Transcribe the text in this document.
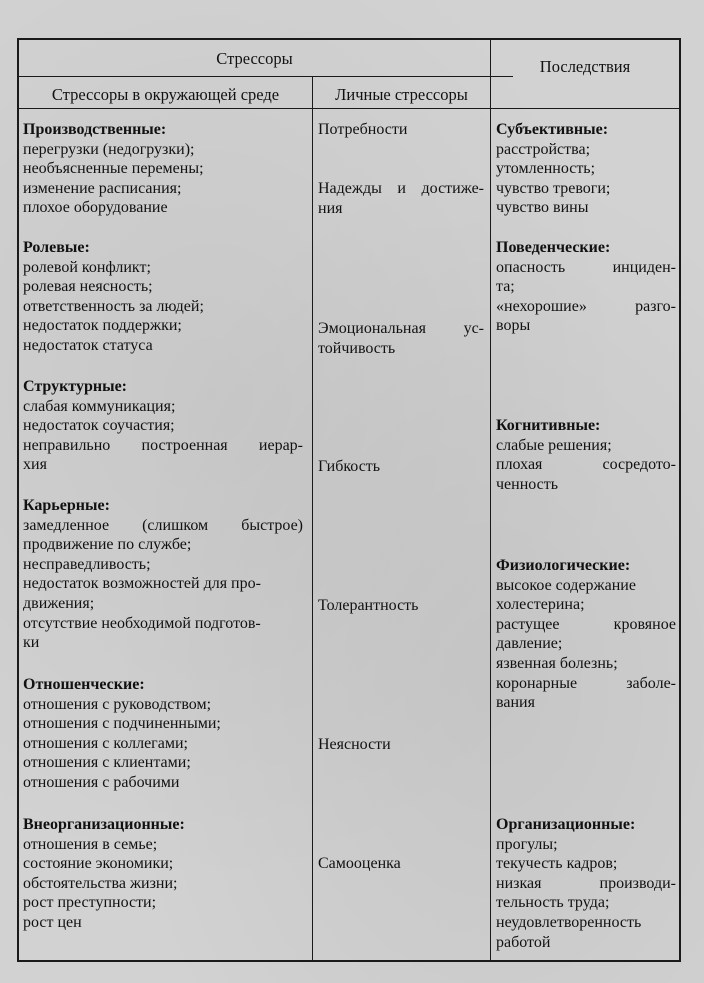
Стрессоры	Последствия
Стрессоры в окружающей среде	Личные стрессоры
Производственные:
перегрузки (недогрузки);
необъясненные перемены;
изменение расписания;
плохое оборудование
Ролевые:
ролевой конфликт;
ролевая неясность;
ответственность за людей;
недостаток поддержки;
недостаток статуса
Структурные:
слабая коммуникация;
недостаток соучастия;
неправильно построенная иерар-
хия
Карьерные:
замедленное (слишком быстрое)
продвижение по службе;
несправедливость;
недостаток возможностей для про-
движения;
отсутствие необходимой подготов-
ки
Отношенческие:
отношения с руководством;
отношения с подчиненными;
отношения с коллегами;
отношения с клиентами;
отношения с рабочими
Внеорганизационные:
отношения в семье;
состояние экономики;
обстоятельства жизни;
рост преступности;
рост цен
Потребности
Надежды и достиже-
ния
Эмоциональная ус-
тойчивость
Гибкость
Толерантность
Неясности
Самооценка
Субъективные:
расстройства;
утомленность;
чувство тревоги;
чувство вины
Поведенческие:
опасность инциден-
та;
«нехорошие» разго-
воры
Когнитивные:
слабые решения;
плохая сосредото-
ченность
Физиологические:
высокое содержание
холестерина;
растущее кровяное
давление;
язвенная болезнь;
коронарные заболе-
вания
Организационные:
прогулы;
текучесть кадров;
низкая производи-
тельность труда;
неудовлетворенность
работой
